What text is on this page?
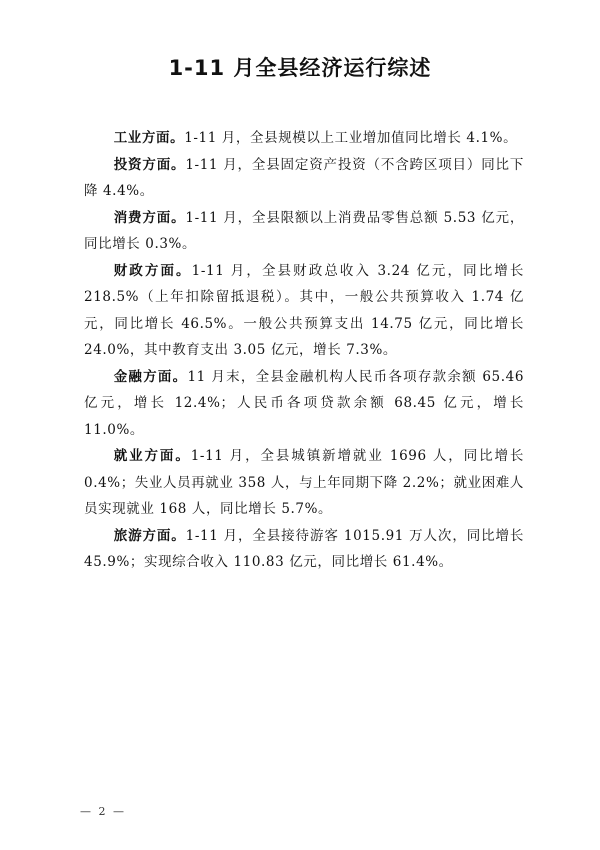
1-11 月全县经济运行综述

工业方面。1-11 月，全县规模以上工业增加值同比增长 4.1%。

投资方面。1-11 月，全县固定资产投资（不含跨区项目）同比下降 4.4%。

消费方面。1-11 月，全县限额以上消费品零售总额 5.53 亿元，同比增长 0.3%。

财政方面。1-11 月，全县财政总收入 3.24 亿元，同比增长 218.5%（上年扣除留抵退税）。其中，一般公共预算收入 1.74 亿元，同比增长 46.5%。一般公共预算支出 14.75 亿元，同比增长 24.0%，其中教育支出 3.05 亿元，增长 7.3%。

金融方面。11 月末，全县金融机构人民币各项存款余额 65.46 亿元，增长 12.4%；人民币各项贷款余额 68.45 亿元，增长 11.0%。

就业方面。1-11 月，全县城镇新增就业 1696 人，同比增长 0.4%；失业人员再就业 358 人，与上年同期下降 2.2%；就业困难人员实现就业 168 人，同比增长 5.7%。

旅游方面。1-11 月，全县接待游客 1015.91 万人次，同比增长 45.9%；实现综合收入 110.83 亿元，同比增长 61.4%。

— 2 —
